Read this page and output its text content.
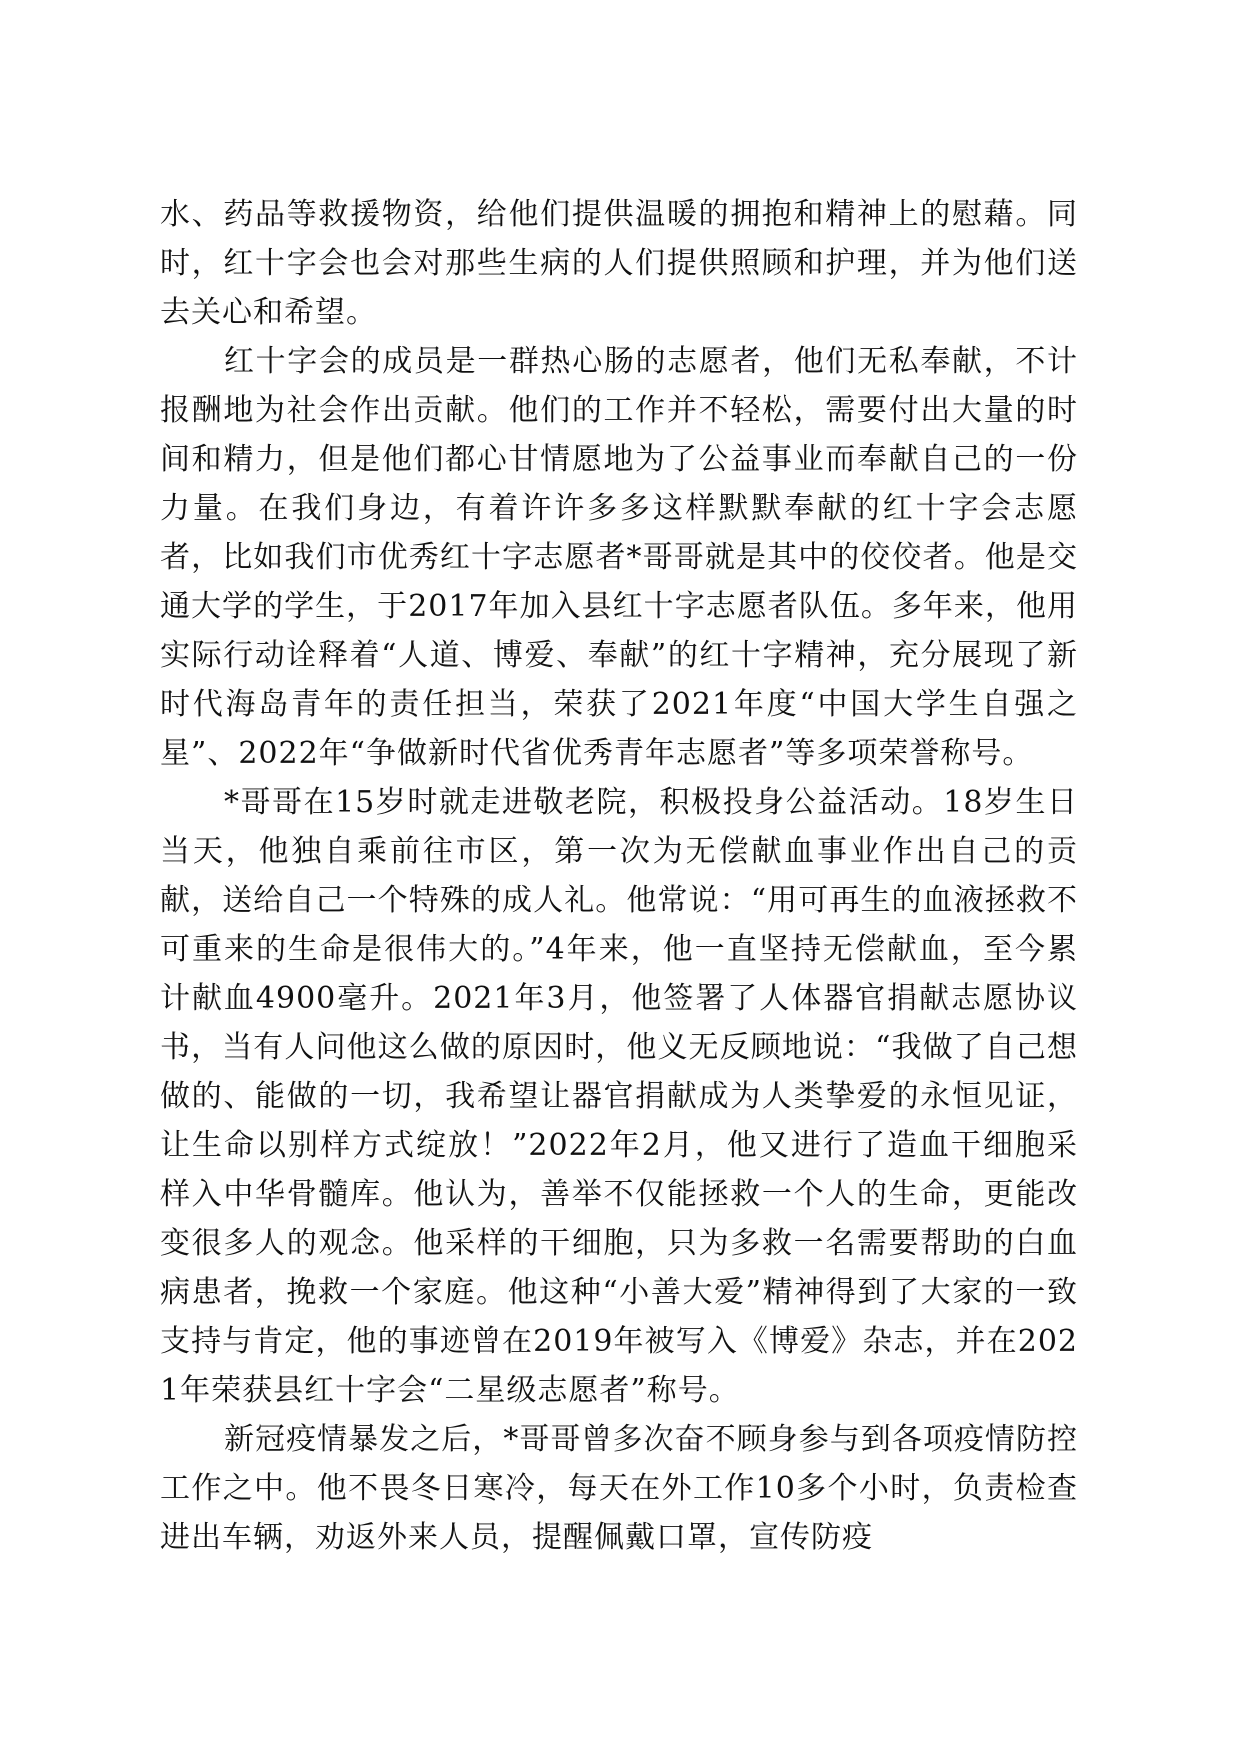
水、药品等救援物资，给他们提供温暖的拥抱和精神上的慰藉。同时，红十字会也会对那些生病的人们提供照顾和护理，并为他们送去关心和希望。

红十字会的成员是一群热心肠的志愿者，他们无私奉献，不计报酬地为社会作出贡献。他们的工作并不轻松，需要付出大量的时间和精力，但是他们都心甘情愿地为了公益事业而奉献自己的一份力量。在我们身边，有着许许多多这样默默奉献的红十字会志愿者，比如我们市优秀红十字志愿者*哥哥就是其中的佼佼者。他是交通大学的学生，于2017年加入县红十字志愿者队伍。多年来，他用实际行动诠释着“人道、博爱、奉献”的红十字精神，充分展现了新时代海岛青年的责任担当，荣获了2021年度“中国大学生自强之星”、2022年“争做新时代省优秀青年志愿者”等多项荣誉称号。

*哥哥在15岁时就走进敬老院，积极投身公益活动。18岁生日当天，他独自乘前往市区，第一次为无偿献血事业作出自己的贡献，送给自己一个特殊的成人礼。他常说：“用可再生的血液拯救不可重来的生命是很伟大的。”4年来，他一直坚持无偿献血，至今累计献血4900毫升。2021年3月，他签署了人体器官捐献志愿协议书，当有人问他这么做的原因时，他义无反顾地说：“我做了自己想做的、能做的一切，我希望让器官捐献成为人类挚爱的永恒见证，让生命以别样方式绽放！”2022年2月，他又进行了造血干细胞采样入中华骨髓库。他认为，善举不仅能拯救一个人的生命，更能改变很多人的观念。他采样的干细胞，只为多救一名需要帮助的白血病患者，挽救一个家庭。他这种“小善大爱”精神得到了大家的一致支持与肯定，他的事迹曾在2019年被写入《博爱》杂志，并在2021年荣获县红十字会“二星级志愿者”称号。

新冠疫情暴发之后，*哥哥曾多次奋不顾身参与到各项疫情防控工作之中。他不畏冬日寒冷，每天在外工作10多个小时，负责检查进出车辆，劝返外来人员，提醒佩戴口罩，宣传防疫
